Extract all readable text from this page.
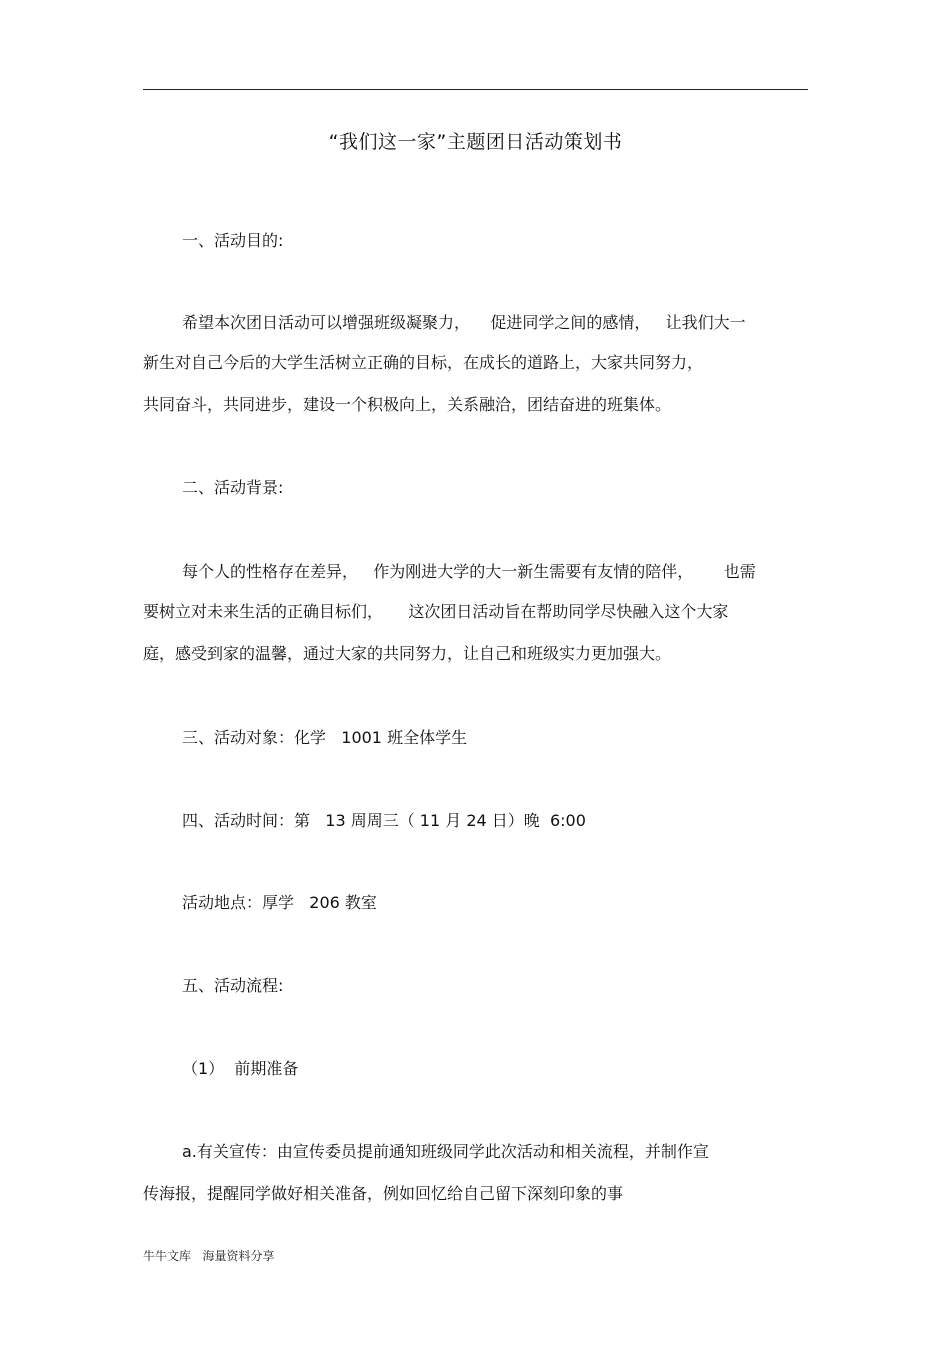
“我们这一家”主题团日活动策划书
一、活动目的:
希望本次团日活动可以增强班级凝聚力，    促进同学之间的感情，   让我们大一
新生对自己今后的大学生活树立正确的目标，在成长的道路上，大家共同努力，
共同奋斗，共同进步，建设一个积极向上，关系融洽，团结奋进的班集体。
二、活动背景:
每个人的性格存在差异，   作为刚进大学的大一新生需要有友情的陪伴，      也需
要树立对未来生活的正确目标们，     这次团日活动旨在帮助同学尽快融入这个大家
庭，感受到家的温馨，通过大家的共同努力，让自己和班级实力更加强大。
三、活动对象：化学   1001 班全体学生
四、活动时间：第   13 周周三（ 11 月 24 日）晚  6:00
活动地点：厚学   206 教室
五、活动流程:
（1）  前期准备
a.有关宣传：由宣传委员提前通知班级同学此次活动和相关流程，并制作宣
传海报，提醒同学做好相关准备，例如回忆给自己留下深刻印象的事
牛牛文库   海量资料分享
